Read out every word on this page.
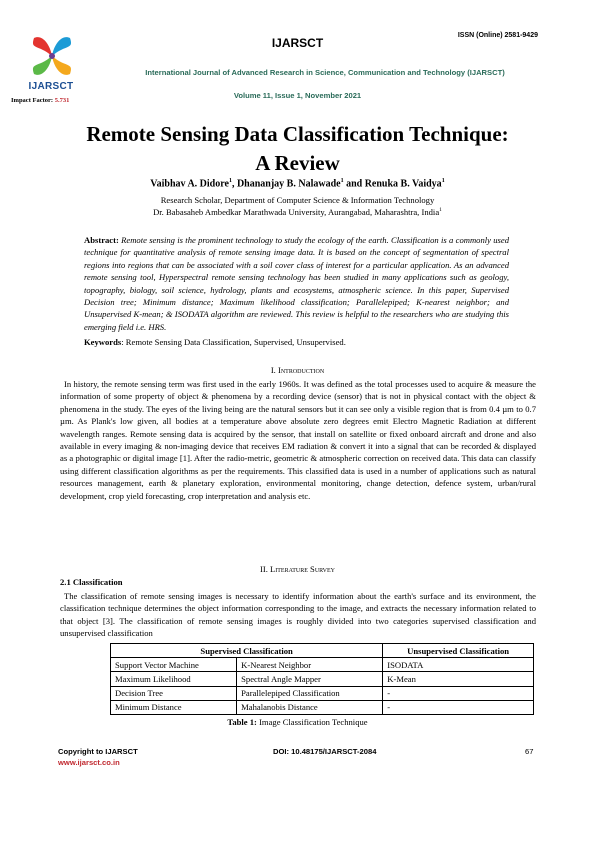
IJARSCT
ISSN (Online) 2581-9429
IJARSCT
Impact Factor: 5.731
International Journal of Advanced Research in Science, Communication and Technology (IJARSCT)
Volume 11, Issue 1, November 2021
Remote Sensing Data Classification Technique:
A Review
Vaibhav A. Didore$^1$, Dhananjay B. Nalawade$^1$ and Renuka B. Vaidya$^1$
Research Scholar, Department of Computer Science & Information Technology
Dr. Babasaheb Ambedkar Marathwada University, Aurangabad, Maharashtra, India$^1$
Abstract: Remote sensing is the prominent technology to study the ecology of the earth. Classification is a commonly used technique for quantitative analysis of remote sensing image data. It is based on the concept of segmentation of spectral regions into regions that can be associated with a soil cover class of interest for a particular application. As an advanced remote sensing tool, Hyperspectral remote sensing technology has been studied in many applications such as geology, topography, biology, soil science, hydrology, plants and ecosystems, atmospheric science. In this paper, Supervised Decision tree; Minimum distance; Maximum likelihood classification; Parallelepiped; K-nearest neighbor; and Unsupervised K-mean; & ISODATA algorithm are reviewed. This review is helpful to the researchers who are studying this emerging field i.e. HRS.
Keywords: Remote Sensing Data Classification, Supervised, Unsupervised.
I. Introduction
In history, the remote sensing term was first used in the early 1960s. It was defined as the total processes used to acquire & measure the information of some property of object & phenomena by a recording device (sensor) that is not in physical contact with the object & phenomena in the study. The eyes of the living being are the natural sensors but it can see only a visible region that is from 0.4 µm to 0.7 µm. As Plank's low given, all bodies at a temperature above absolute zero degrees emit Electro Magnetic Radiation at different wavelength ranges. Remote sensing data is acquired by the sensor, that install on satellite or fixed onboard aircraft and drone and also available in every imaging & non-imaging device that receives EM radiation & convert it into a signal that can be recorded & displayed as a photographic or digital image [1]. After the radio-metric, geometric & atmospheric correction on received data. This data can classify using different classification algorithms as per the requirements. This classified data is used in a number of applications such as natural resources management, earth & planetary exploration, environmental monitoring, change detection, defence system, urban/rural development, crop yield forecasting, crop interpretation and analysis etc.
II. Literature Survey
2.1 Classification
The classification of remote sensing images is necessary to identify information about the earth's surface and its environment, the classification technique determines the object information corresponding to the image, and extracts the necessary information related to that object [3]. The classification of remote sensing images is roughly divided into two categories supervised classification and unsupervised classification
Supervised Classification		Unsupervised Classification
Support Vector Machine	K-Nearest Neighbor	ISODATA
Maximum Likelihood	Spectral Angle Mapper	K-Mean
Decision Tree	Parallelepiped Classification	-
Minimum Distance	Mahalanobis Distance	-
Table 1: Image Classification Technique
Copyright to IJARSCT
www.ijarsct.co.in
DOI: 10.48175/IJARSCT-2084	67
